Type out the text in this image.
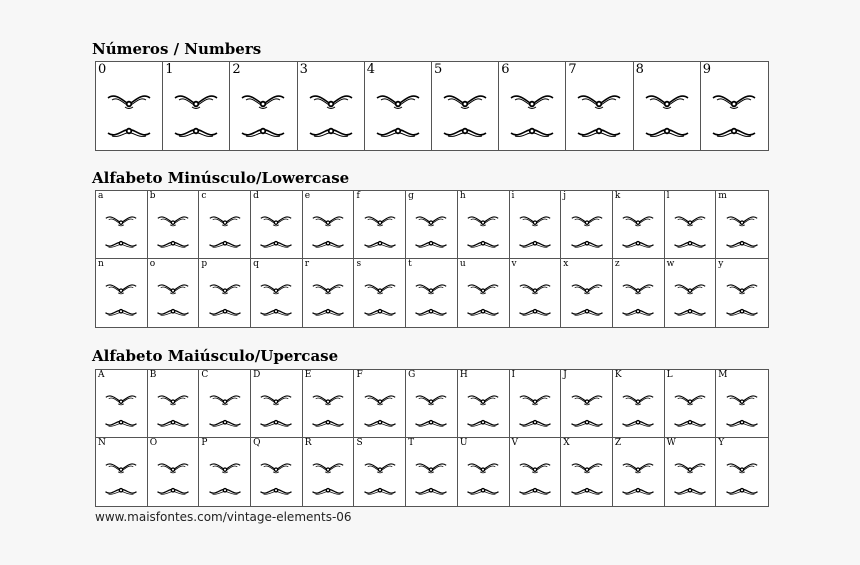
Números / Numbers
0	1	2	3	4	5	6	7	8	9
Alfabeto Minúsculo/Lowercase
a	b	c	d	e	f	g	h	i	j	k	l	m
n	o	p	q	r	s	t	u	v	x	z	w	y
Alfabeto Maiúsculo/Upercase
A	B	C	D	E	F	G	H	I	J	K	L	M
N	O	P	Q	R	S	T	U	V	X	Z	W	Y
www.maisfontes.com/vintage-elements-06
